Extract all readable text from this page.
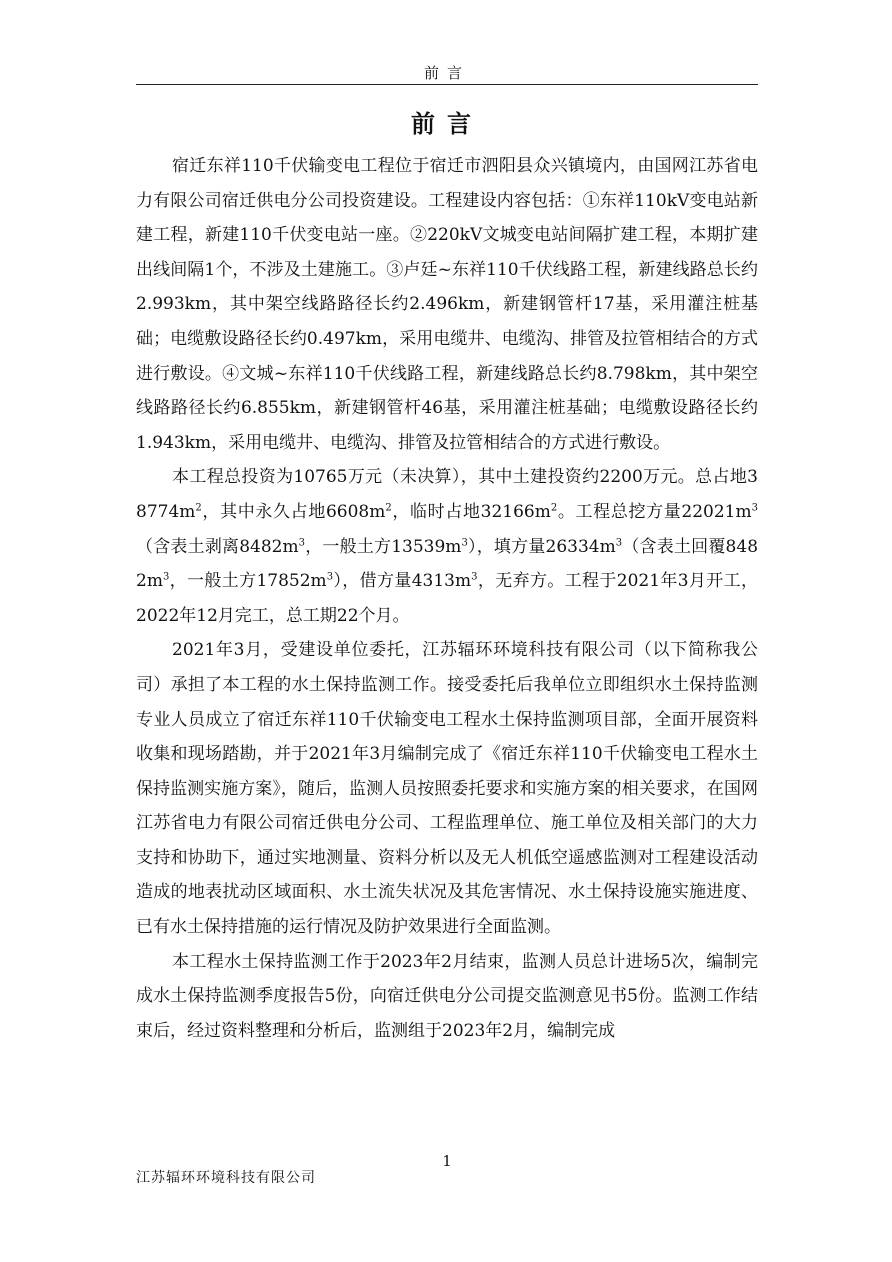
前言
前言

宿迁东祥110千伏输变电工程位于宿迁市泗阳县众兴镇境内，由国网江苏省电力有限公司宿迁供电分公司投资建设。工程建设内容包括：①东祥110kV变电站新建工程，新建110千伏变电站一座。②220kV文城变电站间隔扩建工程，本期扩建出线间隔1个，不涉及土建施工。③卢廷~东祥110千伏线路工程，新建线路总长约2.993km，其中架空线路路径长约2.496km，新建钢管杆17基，采用灌注桩基础；电缆敷设路径长约0.497km，采用电缆井、电缆沟、排管及拉管相结合的方式进行敷设。④文城~东祥110千伏线路工程，新建线路总长约8.798km，其中架空线路路径长约6.855km，新建钢管杆46基，采用灌注桩基础；电缆敷设路径长约1.943km，采用电缆井、电缆沟、排管及拉管相结合的方式进行敷设。

本工程总投资为10765万元（未决算），其中土建投资约2200万元。总占地$38774m^2$，其中永久占地$6608m^2$，临时占地$32166m^2$。工程总挖方量$22021m^3$（含表土剥离$8482m^3$，一般土方$13539m^3$），填方量$26334m^3$（含表土回覆$8482m^3$，一般土方$17852m^3$），借方量$4313m^3$，无弃方。工程于2021年3月开工，2022年12月完工，总工期22个月。

2021年3月，受建设单位委托，江苏辐环环境科技有限公司（以下简称我公司）承担了本工程的水土保持监测工作。接受委托后我单位立即组织水土保持监测专业人员成立了宿迁东祥110千伏输变电工程水土保持监测项目部，全面开展资料收集和现场踏勘，并于2021年3月编制完成了《宿迁东祥110千伏输变电工程水土保持监测实施方案》，随后，监测人员按照委托要求和实施方案的相关要求，在国网江苏省电力有限公司宿迁供电分公司、工程监理单位、施工单位及相关部门的大力支持和协助下，通过实地测量、资料分析以及无人机低空遥感监测对工程建设活动造成的地表扰动区域面积、水土流失状况及其危害情况、水土保持设施实施进度、已有水土保持措施的运行情况及防护效果进行全面监测。

本工程水土保持监测工作于2023年2月结束，监测人员总计进场5次，编制完成水土保持监测季度报告5份，向宿迁供电分公司提交监测意见书5份。监测工作结束后，经过资料整理和分析后，监测组于2023年2月，编制完成

1
江苏辐环环境科技有限公司
